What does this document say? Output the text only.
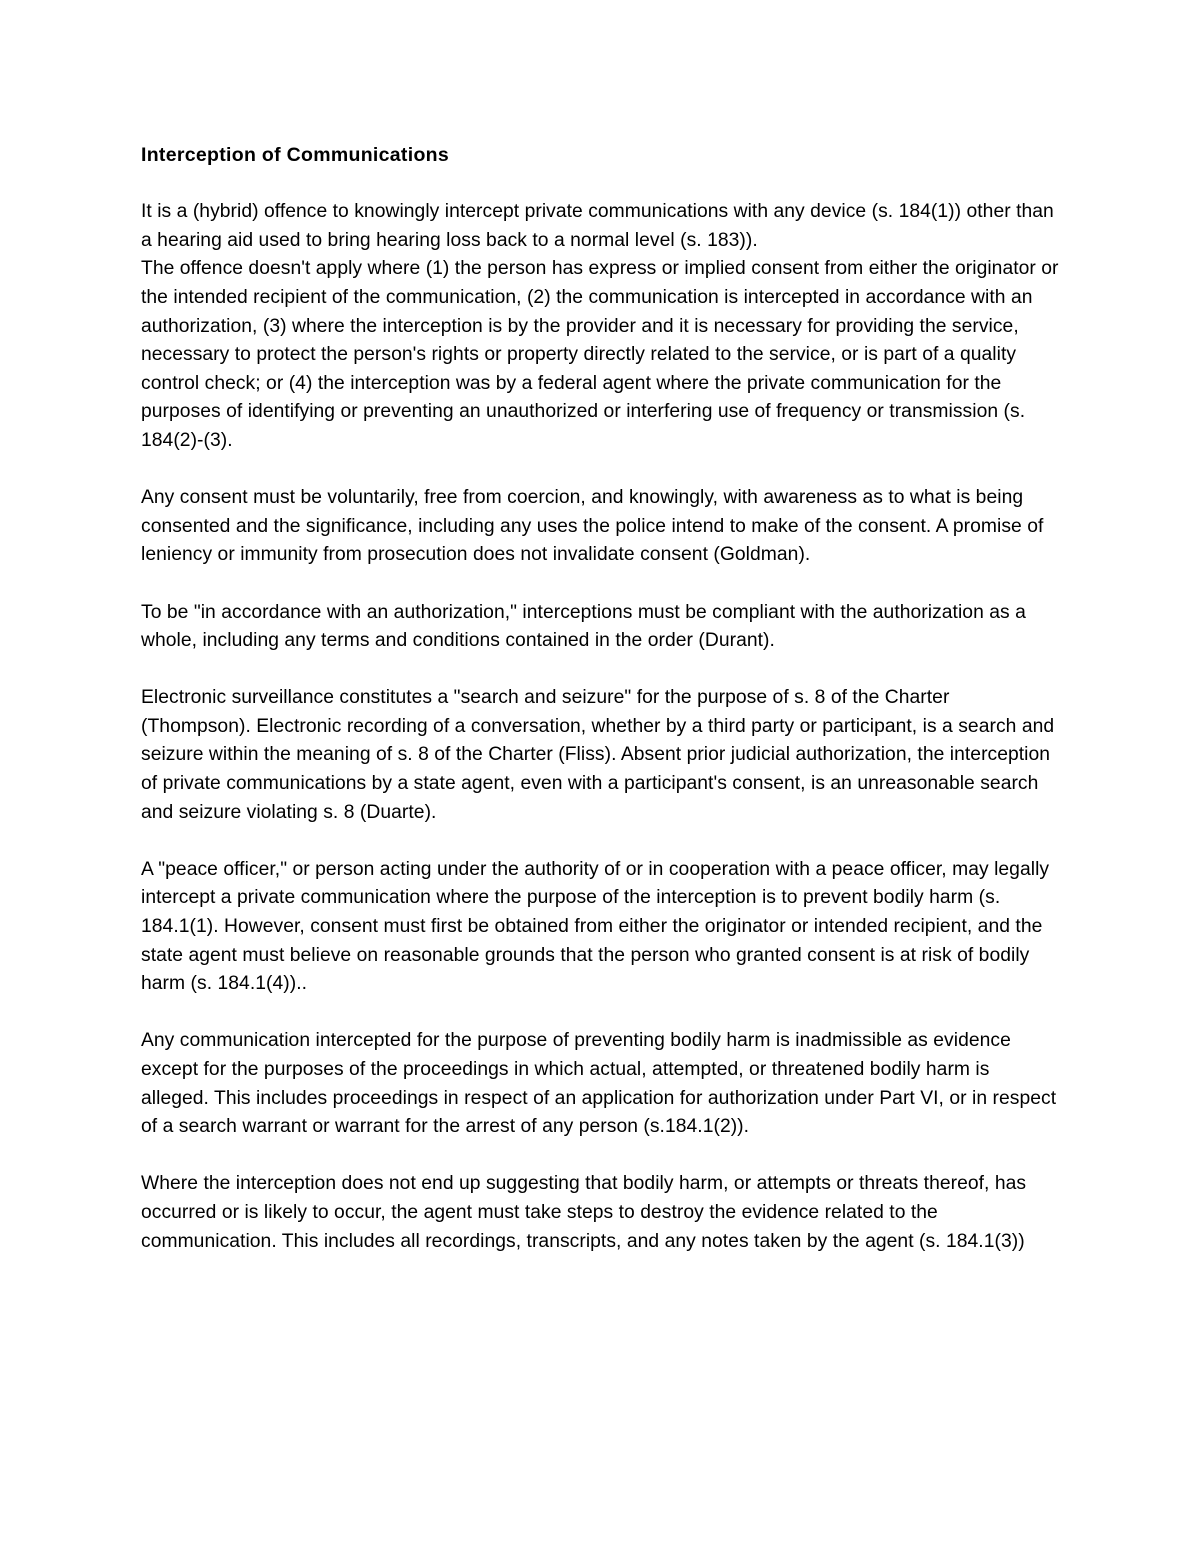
Interception of Communications

It is a (hybrid) offence to knowingly intercept private communications with any device (s. 184(1)) other than a hearing aid used to bring hearing loss back to a normal level (s. 183)).

The offence doesn't apply where (1) the person has express or implied consent from either the originator or the intended recipient of the communication, (2) the communication is intercepted in accordance with an authorization, (3) where the interception is by the provider and it is necessary for providing the service, necessary to protect the person's rights or property directly related to the service, or is part of a quality control check; or (4) the interception was by a federal agent where the private communication for the purposes of identifying or preventing an unauthorized or interfering use of frequency or transmission (s. 184(2)-(3).

Any consent must be voluntarily, free from coercion, and knowingly, with awareness as to what is being consented and the significance, including any uses the police intend to make of the consent. A promise of leniency or immunity from prosecution does not invalidate consent (Goldman).

To be "in accordance with an authorization," interceptions must be compliant with the authorization as a whole, including any terms and conditions contained in the order (Durant).

Electronic surveillance constitutes a "search and seizure" for the purpose of s. 8 of the Charter (Thompson). Electronic recording of a conversation, whether by a third party or participant, is a search and seizure within the meaning of s. 8 of the Charter (Fliss). Absent prior judicial authorization, the interception of private communications by a state agent, even with a participant's consent, is an unreasonable search and seizure violating s. 8 (Duarte).

A "peace officer," or person acting under the authority of or in cooperation with a peace officer, may legally intercept a private communication where the purpose of the interception is to prevent bodily harm (s. 184.1(1). However, consent must first be obtained from either the originator or intended recipient, and the state agent must believe on reasonable grounds that the person who granted consent is at risk of bodily harm (s. 184.1(4))..

Any communication intercepted for the purpose of preventing bodily harm is inadmissible as evidence except for the purposes of the proceedings in which actual, attempted, or threatened bodily harm is alleged. This includes proceedings in respect of an application for authorization under Part VI, or in respect of a search warrant or warrant for the arrest of any person (s.184.1(2)).

Where the interception does not end up suggesting that bodily harm, or attempts or threats thereof, has occurred or is likely to occur, the agent must take steps to destroy the evidence related to the communication. This includes all recordings, transcripts, and any notes taken by the agent (s. 184.1(3))
